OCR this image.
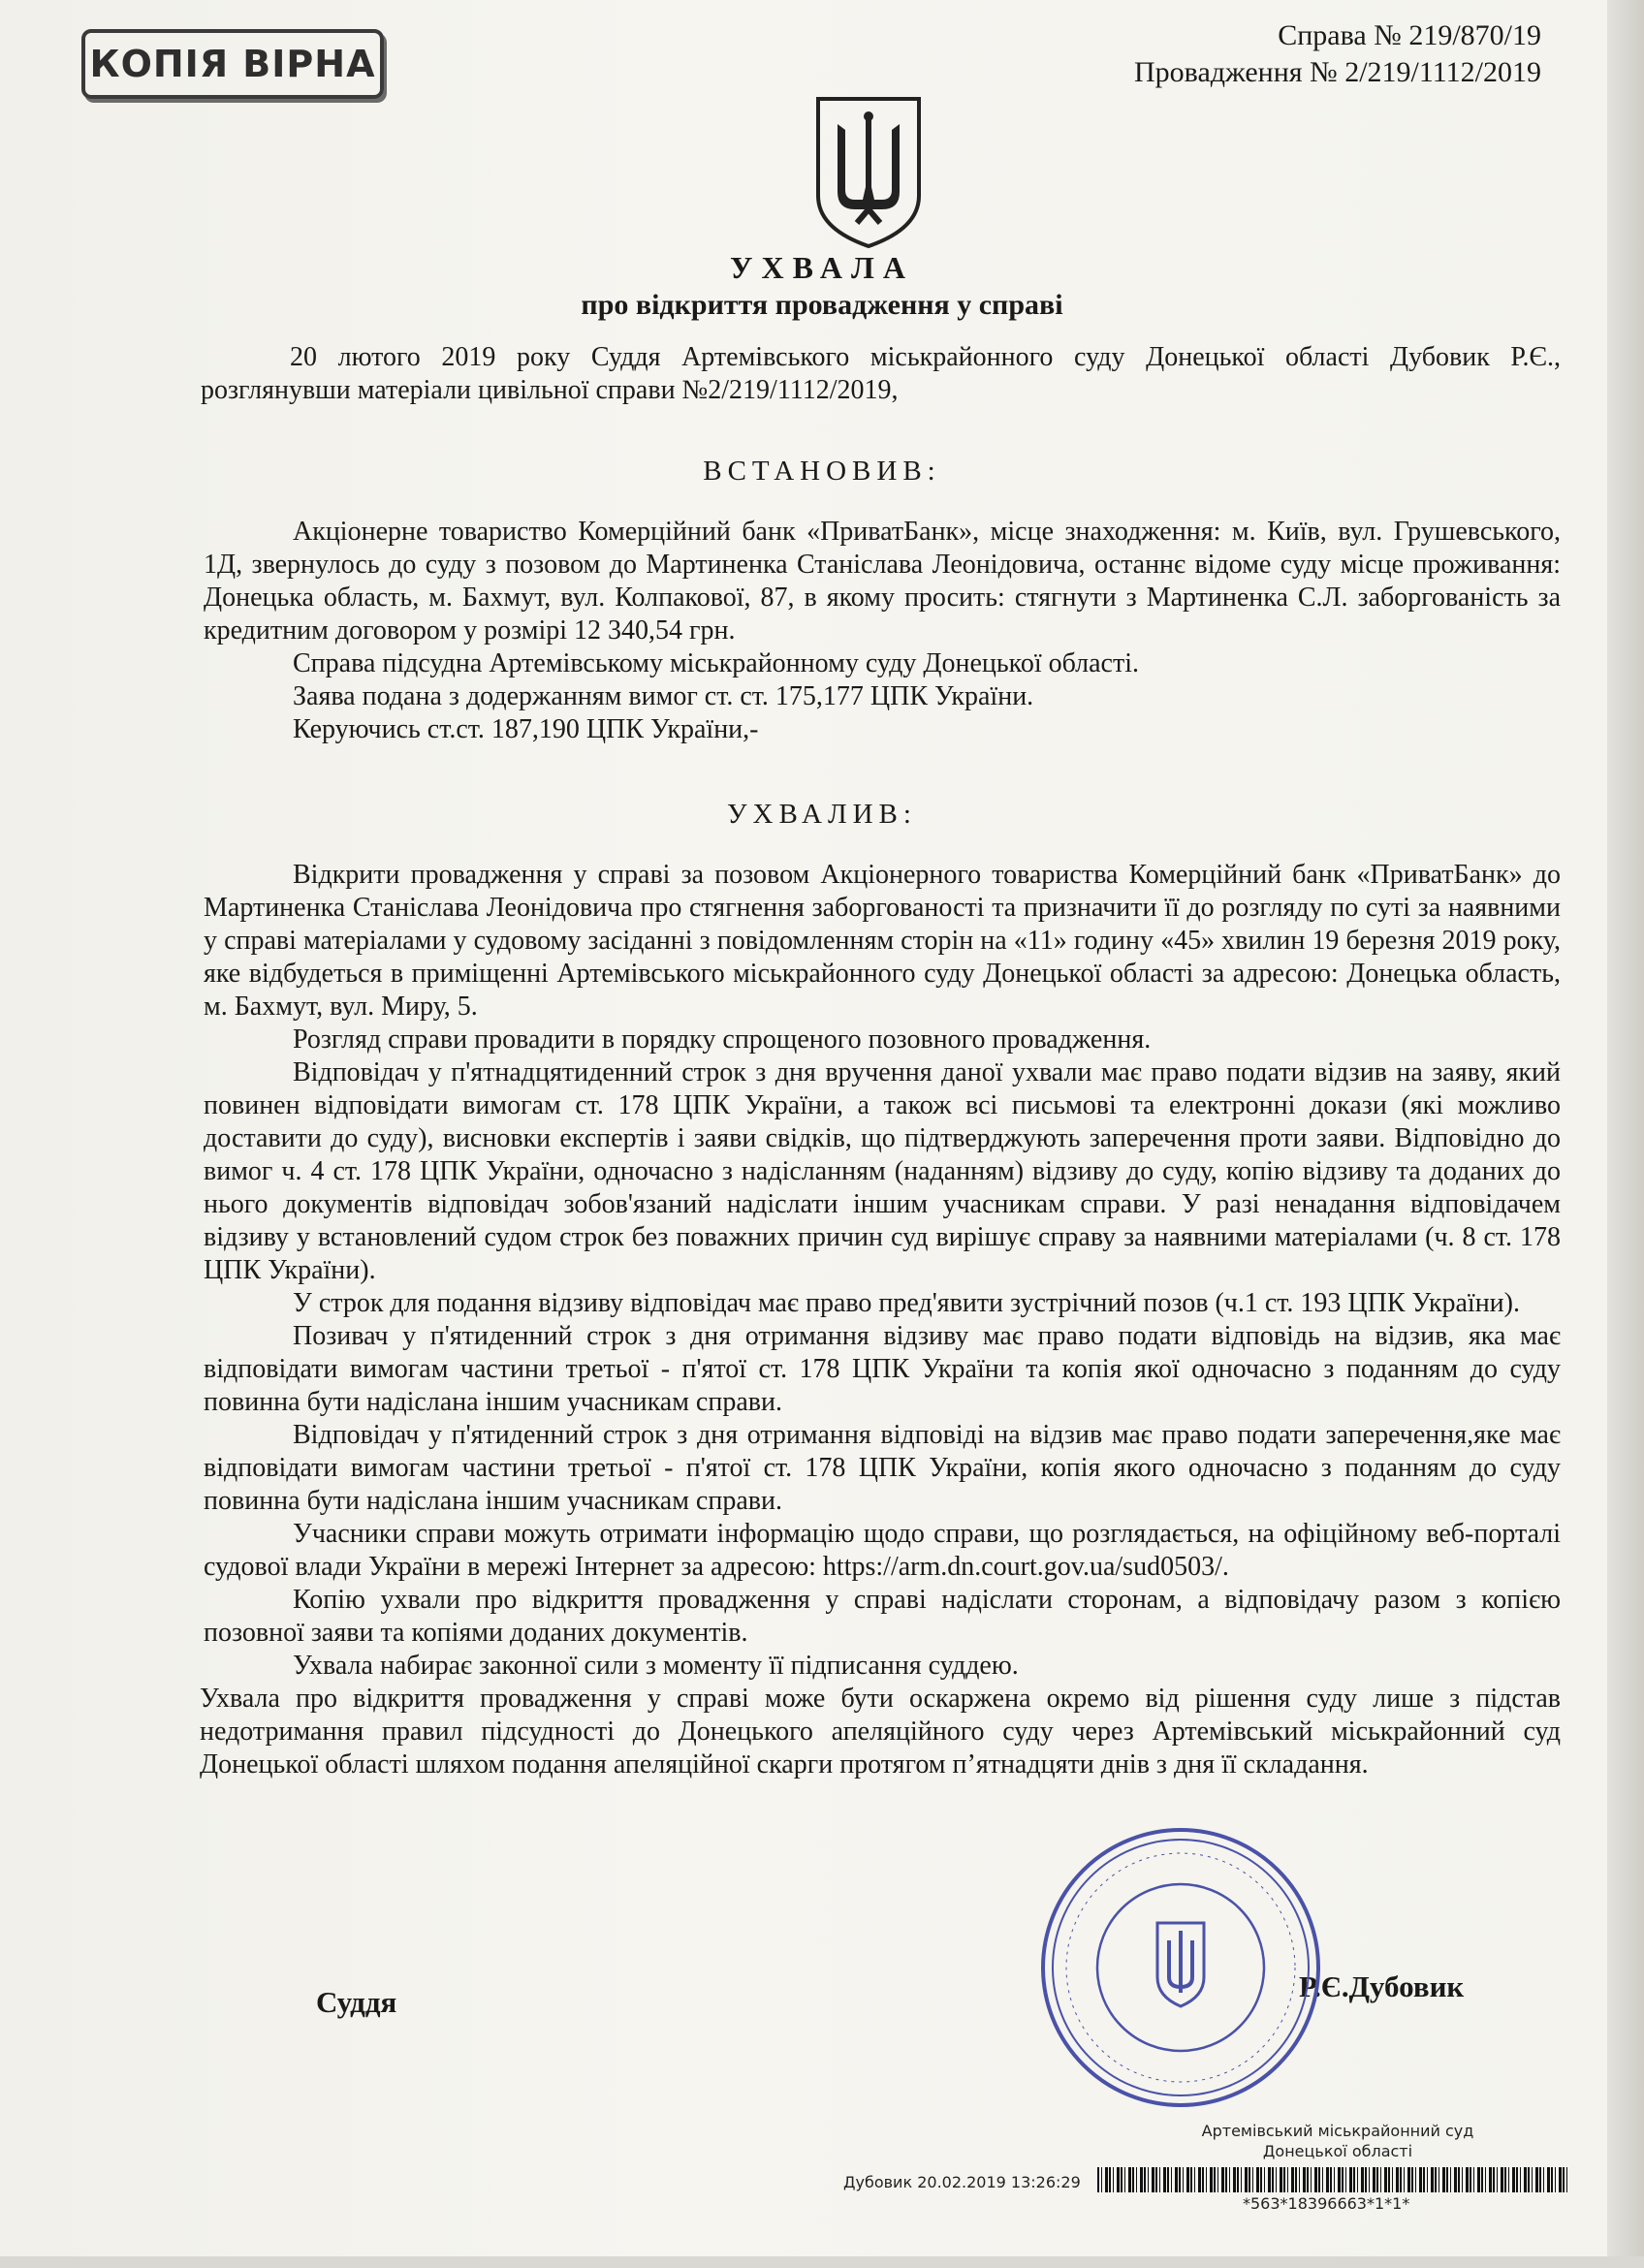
КОПІЯ ВІРНА
Справа № 219/870/19
Провадження № 2/219/1112/2019
УХВАЛА
про відкриття провадження у справі

20 лютого 2019 року Суддя Артемівського міськрайонного суду Донецької області Дубовик Р.Є., розглянувши матеріали цивільної справи №2/219/1112/2019,

ВСТАНОВИВ:

Акціонерне товариство Комерційний банк «ПриватБанк», місце знаходження: м. Київ, вул. Грушевського, 1Д, звернулось до суду з позовом до Мартиненка Станіслава Леонідовича, останнє відоме суду місце проживання: Донецька область, м. Бахмут, вул. Колпакової, 87, в якому просить: стягнути з Мартиненка С.Л. заборгованість за кредитним договором у розмірі 12 340,54 грн.

Справа підсудна Артемівському міськрайонному суду Донецької області.

Заява подана з додержанням вимог ст. ст. 175,177 ЦПК України.

Керуючись ст.ст. 187,190 ЦПК України,-

УХВАЛИВ:

Відкрити провадження у справі за позовом Акціонерного товариства Комерційний банк «ПриватБанк» до Мартиненка Станіслава Леонідовича про стягнення заборгованості та призначити її до розгляду по суті за наявними у справі матеріалами у судовому засіданні з повідомленням сторін на «11» годину «45» хвилин 19 березня 2019 року, яке відбудеться в приміщенні Артемівського міськрайонного суду Донецької області за адресою: Донецька область, м. Бахмут, вул. Миру, 5.

Розгляд справи провадити в порядку спрощеного позовного провадження.

Відповідач у п'ятнадцятиденний строк з дня вручення даної ухвали має право подати відзив на заяву, який повинен відповідати вимогам ст. 178 ЦПК України, а також всі письмові та електронні докази (які можливо доставити до суду), висновки експертів і заяви свідків, що підтверджують заперечення проти заяви. Відповідно до вимог ч. 4 ст. 178 ЦПК України, одночасно з надісланням (наданням) відзиву до суду, копію відзиву та доданих до нього документів відповідач зобов'язаний надіслати іншим учасникам справи. У разі ненадання відповідачем відзиву у встановлений судом строк без поважних причин суд вирішує справу за наявними матеріалами (ч. 8 ст. 178 ЦПК України).

У строк для подання відзиву відповідач має право пред'явити зустрічний позов (ч.1 ст. 193 ЦПК України).

Позивач у п'ятиденний строк з дня отримання відзиву має право подати відповідь на відзив, яка має відповідати вимогам частини третьої - п'ятої ст. 178 ЦПК України та копія якої одночасно з поданням до суду повинна бути надіслана іншим учасникам справи.

Відповідач у п'ятиденний строк з дня отримання відповіді на відзив має право подати заперечення,яке має відповідати вимогам частини третьої - п'ятої ст. 178 ЦПК України, копія якого одночасно з поданням до суду повинна бути надіслана іншим учасникам справи.

Учасники справи можуть отримати інформацію щодо справи, що розглядається, на офіційному веб-порталі судової влади України в мережі Інтернет за адресою: https://arm.dn.court.gov.ua/sud0503/.

Копію ухвали про відкриття провадження у справі надіслати сторонам, а відповідачу разом з копією позовної заяви та копіями доданих документів.

Ухвала набирає законної сили з моменту її підписання суддею.

Ухвала про відкриття провадження у справі може бути оскаржена окремо від рішення суду лише з підстав недотримання правил підсудності до Донецького апеляційного суду через Артемівський міськрайонний суд Донецької області шляхом подання апеляційної скарги протягом п’ятнадцяти днів з дня її складання.

Суддя	Р.Є.Дубовик
Артемівський міськрайонний суд
Донецької області
Дубовик 20.02.2019 13:26:29
*563*18396663*1*1*
